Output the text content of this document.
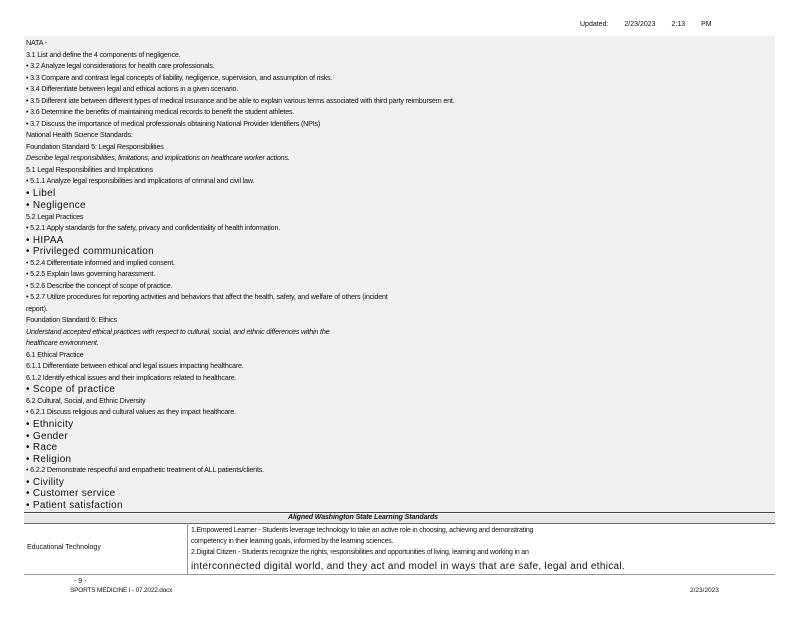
Updated: 2/23/2023 2:13 PM
NATA -
3.1 List and define the 4 components of negligence.
• 3.2 Analyze legal considerations for health care professionals.
• 3.3 Compare and contrast legal concepts of liability, negligence, supervision, and assumption of risks.
• 3.4 Differentiate between legal and ethical actions in a given scenario.
• 3.5 Different iate between different types of medical insurance and be able to explain various terms associated with third party reimbursem ent.
• 3.6 Determine the benefits of maintaining medical records to benefit the student athletes.
• 3.7 Discuss the importance of medical professionals obtaining National Provider Identifiers (NPIs)
National Health Science Standards:
Foundation Standard 5: Legal Responsibilities
Describe legal responsibilities, limitations, and implications on healthcare worker actions.
5.1 Legal Responsibilities and Implications
• 5.1.1 Analyze legal responsibilities and implications of criminal and civil law.
• Libel
• Negligence
5.2 Legal Practices
• 5.2.1 Apply standards for the safety, privacy and confidentiality of health information.
• HIPAA
• Privileged communication
• 5.2.4 Differentiate informed and implied consent.
• 5.2.5 Explain laws governing harassment.
• 5.2.6 Describe the concept of scope of practice.
• 5.2.7 Utilize procedures for reporting activities and behaviors that affect the health, safety, and welfare of others (incident
report).
Foundation Standard 6: Ethics
Understand accepted ethical practices with respect to cultural, social, and ethnic differences within the
healthcare environment.
6.1 Ethical Practice
6.1.1 Differentiate between ethical and legal issues impacting healthcare.
6.1.2 Identify ethical issues and their implications related to healthcare.
• Scope of practice
6.2 Cultural, Social, and Ethnic Diversity
• 6.2.1 Discuss religious and cultural values as they impact healthcare.
• Ethnicity
• Gender
• Race
• Religion
• 6.2.2 Demonstrate respectful and empathetic treatment of ALL patients/clients.
• Civility
• Customer service
• Patient satisfaction
Aligned Washington State Learning Standards
Educational Technology
1.Empowered Learner - Students leverage technology to take an active role in choosing, achieving and demonstrating
competency in their learning goals, informed by the learning sciences.
2.Digital Citizen - Students recognize the rights, responsibilities and opportunities of living, learning and working in an
interconnected digital world, and they act and model in ways that are safe, legal and ethical.
- 9 -
SPORTS MEDICINE I - 07.2022.docx	2/23/2023
